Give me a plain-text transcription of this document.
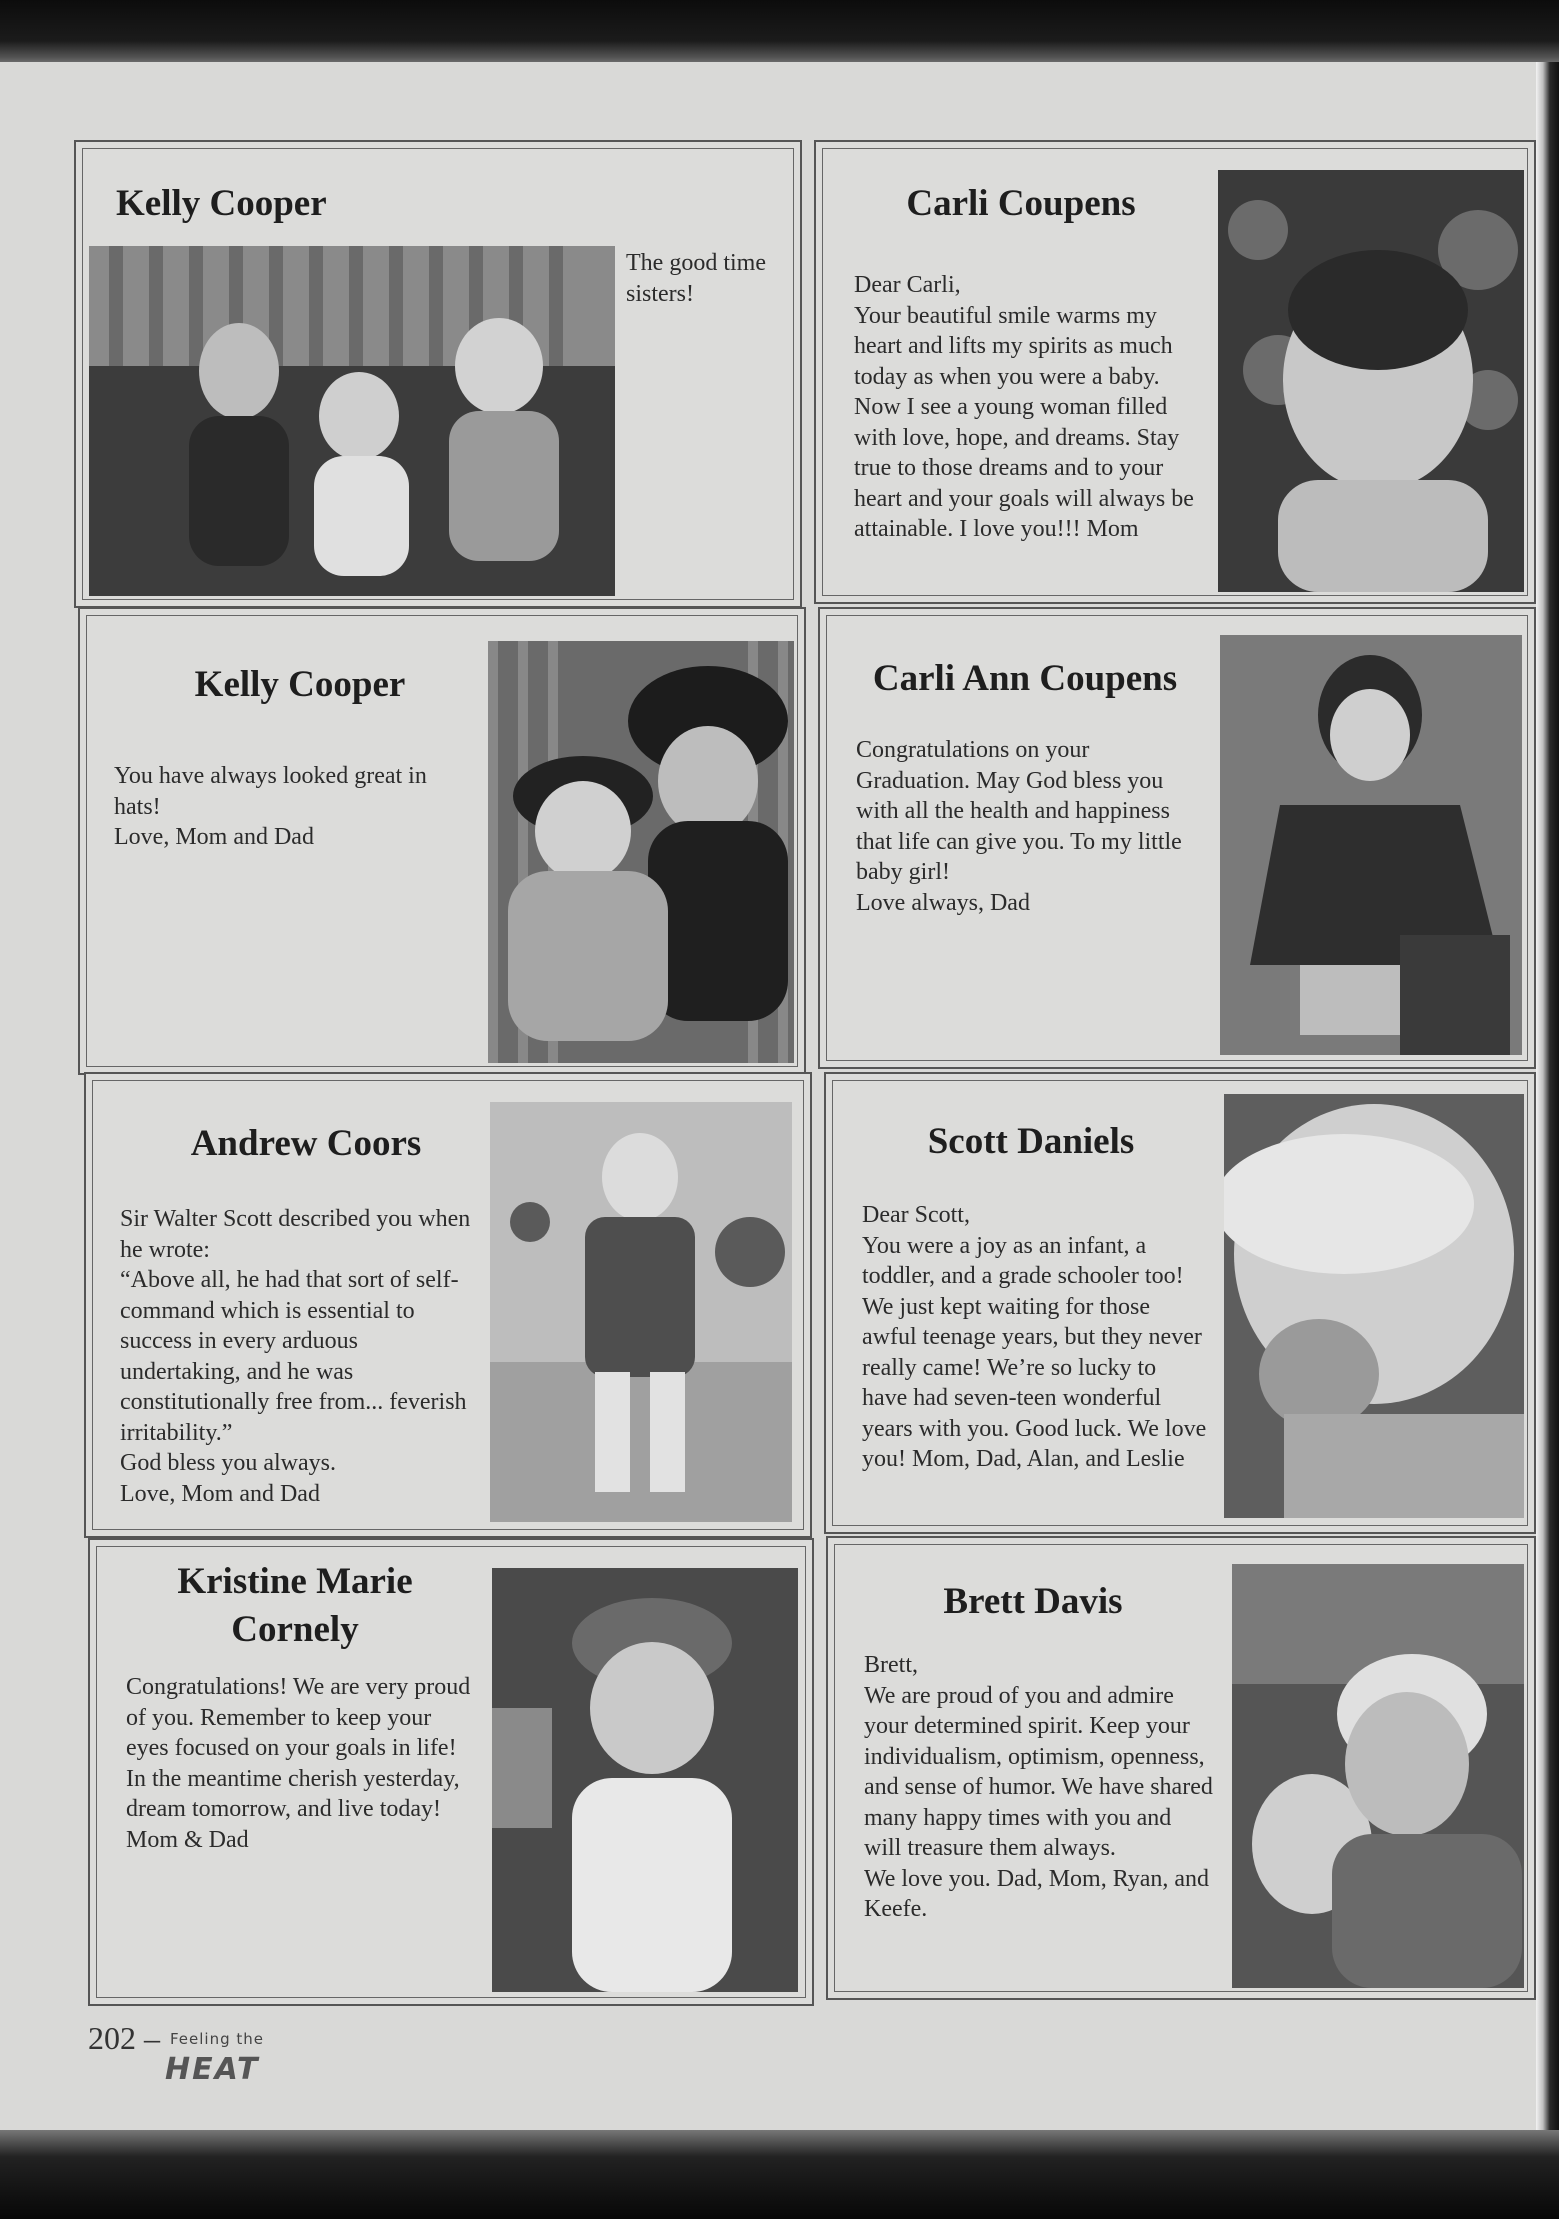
Kelly Cooper
The good time sisters!
Carli Coupens
Dear Carli,
Your beautiful smile warms my heart and lifts my spirits as much today as when you were a baby. Now I see a young woman filled with love, hope, and dreams. Stay true to those dreams and to your heart and your goals will always be attainable. I love you!!! Mom
Kelly Cooper
You have always looked great in hats!
Love, Mom and Dad
Carli Ann Coupens
Congratulations on your Graduation. May God bless you with all the health and happiness that life can give you. To my little baby girl!
Love always, Dad
Andrew Coors
Sir Walter Scott described you when he wrote:
“Above all, he had that sort of self-command which is essential to success in every arduous undertaking, and he was constitutionally free from... feverish irritability.”
God bless you always.
Love, Mom and Dad
Scott Daniels
Dear Scott,
You were a joy as an infant, a toddler, and a grade schooler too! We just kept waiting for those awful teenage years, but they never really came! We’re so lucky to have had seven-teen wonderful years with you. Good luck. We love you! Mom, Dad, Alan, and Leslie
Kristine Marie Cornely
Congratulations! We are very proud of you. Remember to keep your eyes focused on your goals in life! In the meantime cherish yesterday, dream tomorrow, and live today!
Mom & Dad
Brett Davis
Brett,
We are proud of you and admire your determined spirit. Keep your individualism, optimism, openness, and sense of humor. We have shared many happy times with you and will treasure them always.
We love you. Dad, Mom, Ryan, and Keefe.
202 – Feeling the
HEAT
